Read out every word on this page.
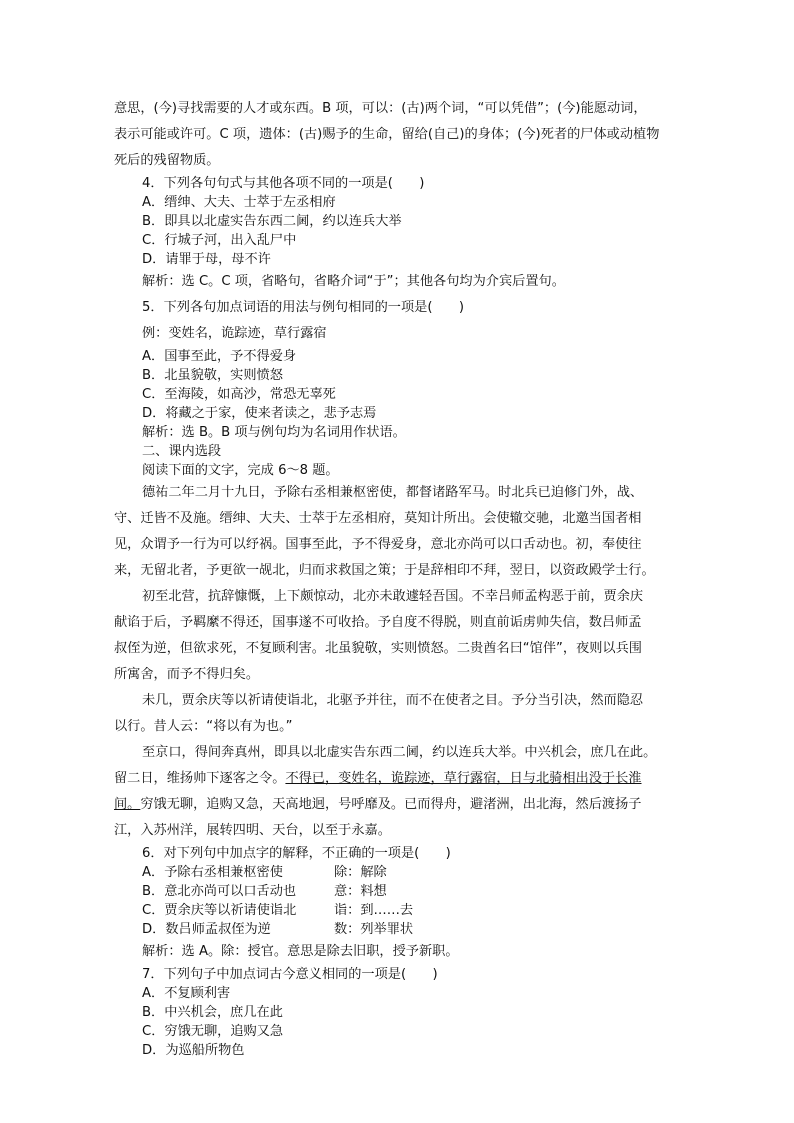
意思，(今)寻找需要的人才或东西。B 项，可以：(古)两个词，“可以凭借”；(今)能愿动词，
表示可能或许可。C 项，遗体：(古)赐予的生命，留给(自己)的身体；(今)死者的尸体或动植物
死后的残留物质。
4．下列各句句式与其他各项不同的一项是(　　)
A．缙绅、大夫、士萃于左丞相府
B．即具以北虚实告东西二阃，约以连兵大举
C．行城子河，出入乱尸中
D．请罪于母，母不许
解析：选 C。C 项，省略句，省略介词“于”；其他各句均为介宾后置句。
5．下列各句加点词语的用法与例句相同的一项是(　　)
例：变姓名，诡踪迹，草行露宿
A．国事至此，予不得爱身
B．北虽貌敬，实则愤怒
C．至海陵，如高沙，常恐无辜死
D．将藏之于家，使来者读之，悲予志焉
解析：选 B。B 项与例句均为名词用作状语。
二、课内选段
阅读下面的文字，完成 6～8 题。
德祐二年二月十九日，予除右丞相兼枢密使，都督诸路军马。时北兵已迫修门外，战、
守、迁皆不及施。缙绅、大夫、士萃于左丞相府，莫知计所出。会使辙交驰，北邀当国者相
见，众谓予一行为可以纾祸。国事至此，予不得爱身，意北亦尚可以口舌动也。初，奉使往
来，无留北者，予更欲一觇北，归而求救国之策；于是辞相印不拜，翌日，以资政殿学士行。
初至北营，抗辞慷慨，上下颇惊动，北亦未敢遽轻吾国。不幸吕师孟构恶于前，贾余庆
献谄于后，予羁縻不得还，国事遂不可收拾。予自度不得脱，则直前诟虏帅失信，数吕师孟
叔侄为逆，但欲求死，不复顾利害。北虽貌敬，实则愤怒。二贵酋名曰“馆伴”，夜则以兵围
所寓舍，而予不得归矣。
未几，贾余庆等以祈请使诣北，北驱予并往，而不在使者之目。予分当引决，然而隐忍
以行。昔人云：“将以有为也。”
至京口，得间奔真州，即具以北虚实告东西二阃，约以连兵大举。中兴机会，庶几在此。
留二日，维扬帅下逐客之令。不得已，变姓名，诡踪迹，草行露宿，日与北骑相出没于长淮
间。穷饿无聊，追购又急，天高地迥，号呼靡及。已而得舟，避渚洲，出北海，然后渡扬子
江，入苏州洋，展转四明、天台，以至于永嘉。
6．对下列句中加点字的解释，不正确的一项是(　　)
A．予除右丞相兼枢密使	除：解除
B．意北亦尚可以口舌动也	意：料想
C．贾余庆等以祈请使诣北	诣：到……去
D．数吕师孟叔侄为逆	数：列举罪状
解析：选 A。除：授官。意思是除去旧职，授予新职。
7．下列句子中加点词古今意义相同的一项是(　　)
A．不复顾利害
B．中兴机会，庶几在此
C．穷饿无聊，追购又急
D．为巡船所物色
